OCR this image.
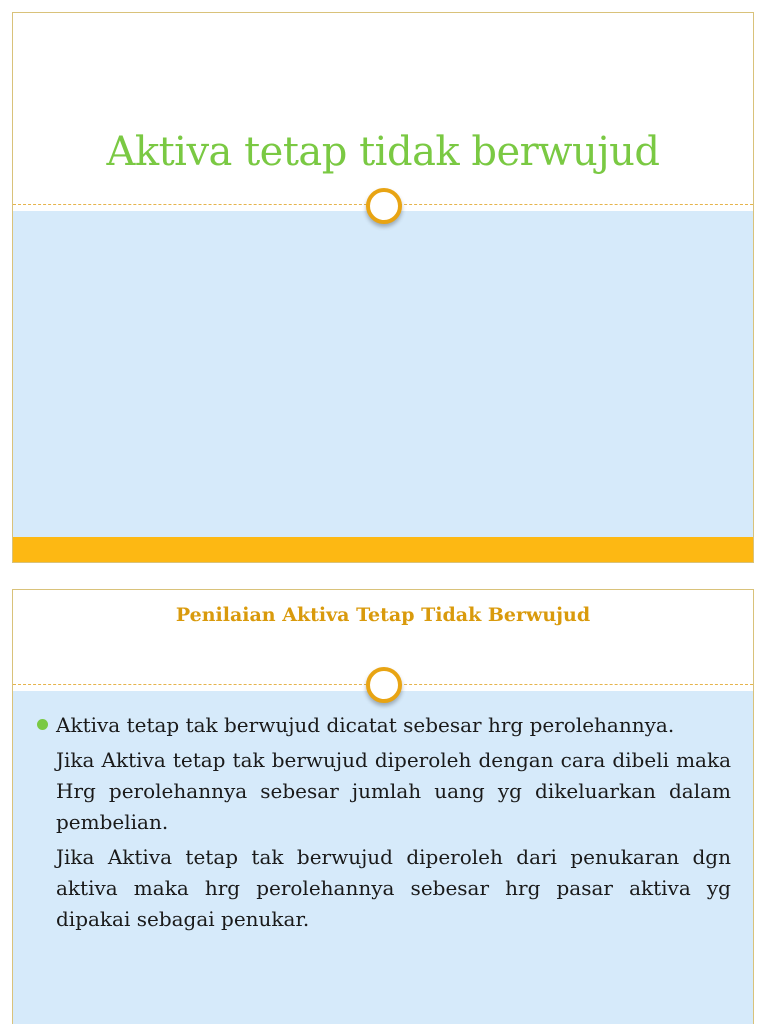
Aktiva tetap tidak berwujud
Penilaian Aktiva Tetap Tidak Berwujud

Aktiva tetap tak berwujud dicatat sebesar hrg perolehannya.

Jika Aktiva tetap tak berwujud diperoleh dengan cara dibeli maka Hrg perolehannya sebesar jumlah uang yg dikeluarkan dalam pembelian.

Jika Aktiva tetap tak berwujud diperoleh dari penukaran dgn aktiva maka hrg perolehannya sebesar hrg pasar aktiva yg dipakai sebagai penukar.
